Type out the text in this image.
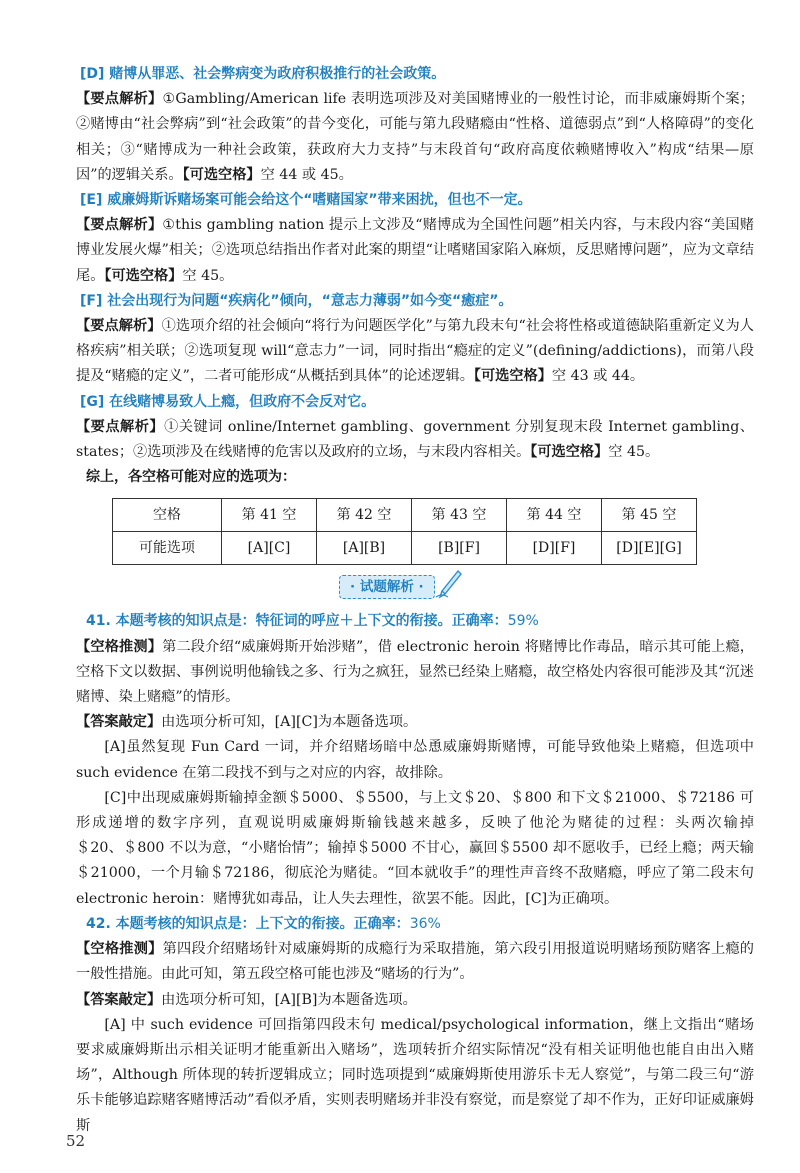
[D] 赌博从罪恶、社会弊病变为政府积极推行的社会政策。

【要点解析】①Gambling/American life 表明选项涉及对美国赌博业的一般性讨论，而非威廉姆斯个案；②赌博由“社会弊病”到“社会政策”的昔今变化，可能与第九段赌瘾由“性格、道德弱点”到“人格障碍”的变化相关；③“赌博成为一种社会政策，获政府大力支持”与末段首句“政府高度依赖赌博收入”构成“结果—原因”的逻辑关系。【可选空格】空 44 或 45。

[E] 威廉姆斯诉赌场案可能会给这个“嗜赌国家”带来困扰，但也不一定。

【要点解析】①this gambling nation 提示上文涉及“赌博成为全国性问题”相关内容，与末段内容“美国赌博业发展火爆”相关；②选项总结指出作者对此案的期望“让嗜赌国家陷入麻烦，反思赌博问题”，应为文章结尾。【可选空格】空 45。

[F] 社会出现行为问题“疾病化”倾向，“意志力薄弱”如今变“癒症”。

【要点解析】①选项介绍的社会倾向“将行为问题医学化”与第九段末句“社会将性格或道德缺陷重新定义为人格疾病”相关联；②选项复现 will“意志力”一词，同时指出“瘾症的定义”(defining/addictions)，而第八段提及“赌瘾的定义”，二者可能形成“从概括到具体”的论述逻辑。【可选空格】空 43 或 44。

[G] 在线赌博易致人上瘾，但政府不会反对它。

【要点解析】①关键词 online/Internet gambling、government 分别复现末段 Internet gambling、states；②选项涉及在线赌博的危害以及政府的立场，与末段内容相关。【可选空格】空 45。

综上，各空格可能对应的选项为：
空格	第 41 空	第 42 空	第 43 空	第 44 空	第 45 空
可能选项	[A][C]	[A][B]	[B][F]	[D][F]	[D][E][G]
· 试题解析 ·
41. 本题考核的知识点是：特征词的呼应＋上下文的衔接。正确率：59%

【空格推测】第二段介绍“威廉姆斯开始涉赌”，借 electronic heroin 将赌博比作毒品，暗示其可能上瘾，空格下文以数据、事例说明他输钱之多、行为之疯狂，显然已经染上赌瘾，故空格处内容很可能涉及其“沉迷赌博、染上赌瘾”的情形。

【答案敲定】由选项分析可知，[A][C]为本题备选项。

[A]虽然复现 Fun Card 一词，并介绍赌场暗中怂恿威廉姆斯赌博，可能导致他染上赌瘾，但选项中 such evidence 在第二段找不到与之对应的内容，故排除。

[C]中出现威廉姆斯输掉金额＄5000、＄5500，与上文＄20、＄800 和下文＄21000、＄72186 可形成递增的数字序列，直观说明威廉姆斯输钱越来越多，反映了他沦为赌徒的过程：头两次输掉＄20、＄800 不以为意，“小赌怡情”；输掉＄5000 不甘心，赢回＄5500 却不愿收手，已经上瘾；两天输＄21000，一个月输＄72186，彻底沦为赌徒。“回本就收手”的理性声音终不敌赌瘾，呼应了第二段末句 electronic heroin：赌博犹如毒品，让人失去理性，欲罢不能。因此，[C]为正确项。

42. 本题考核的知识点是：上下文的衔接。正确率：36%

【空格推测】第四段介绍赌场针对威廉姆斯的成瘾行为采取措施，第六段引用报道说明赌场预防赌客上瘾的一般性措施。由此可知，第五段空格可能也涉及“赌场的行为”。

【答案敲定】由选项分析可知，[A][B]为本题备选项。

[A] 中 such evidence 可回指第四段末句 medical/psychological information，继上文指出“赌场要求威廉姆斯出示相关证明才能重新出入赌场”，选项转折介绍实际情况“没有相关证明他也能自由出入赌场”，Although 所体现的转折逻辑成立；同时选项提到“威廉姆斯使用游乐卡无人察觉”，与第二段三句“游乐卡能够追踪赌客赌博活动”看似矛盾，实则表明赌场并非没有察觉，而是察觉了却不作为，正好印证威廉姆斯

52
